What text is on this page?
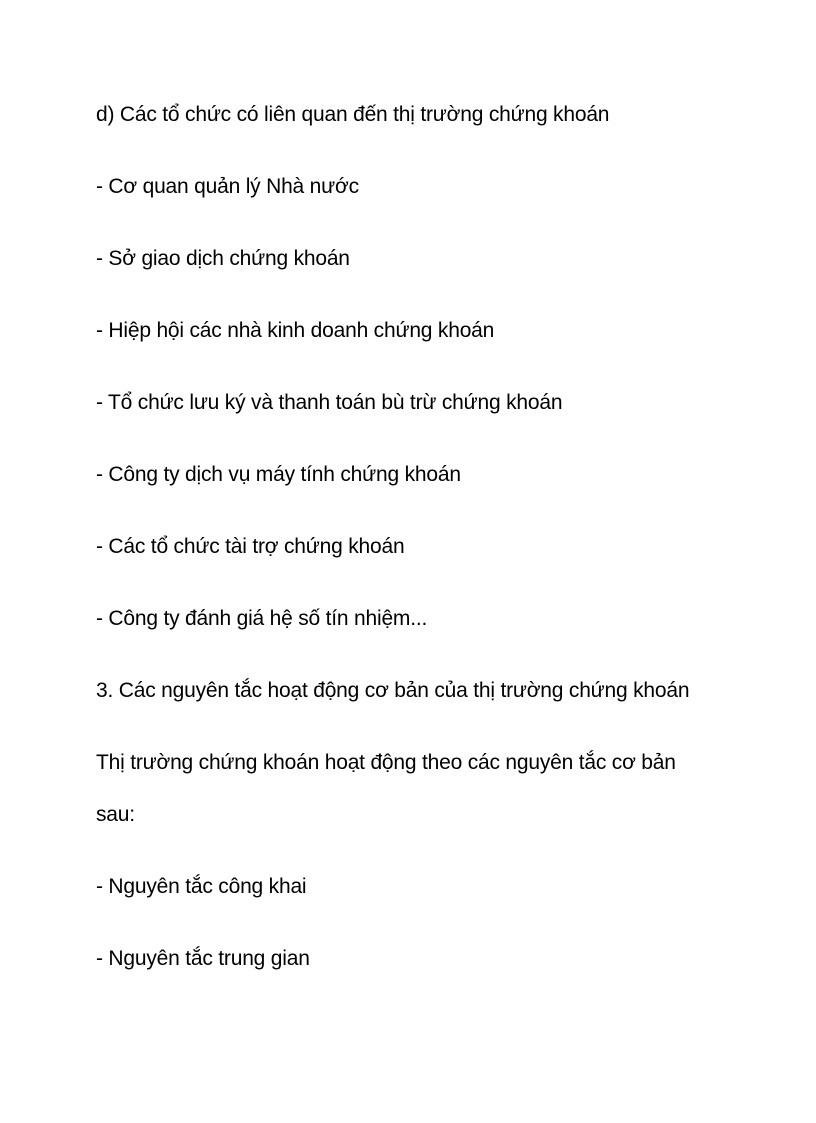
d) Các tổ chức có liên quan đến thị trường chứng khoán
- Cơ quan quản lý Nhà nước
- Sở giao dịch chứng khoán
- Hiệp hội các nhà kinh doanh chứng khoán
- Tổ chức lưu ký và thanh toán bù trừ chứng khoán
- Công ty dịch vụ máy tính chứng khoán
- Các tổ chức tài trợ chứng khoán
- Công ty đánh giá hệ số tín nhiệm...
3. Các nguyên tắc hoạt động cơ bản của thị trường chứng khoán
Thị trường chứng khoán hoạt động theo các nguyên tắc cơ bản
sau:
- Nguyên tắc công khai
- Nguyên tắc trung gian
